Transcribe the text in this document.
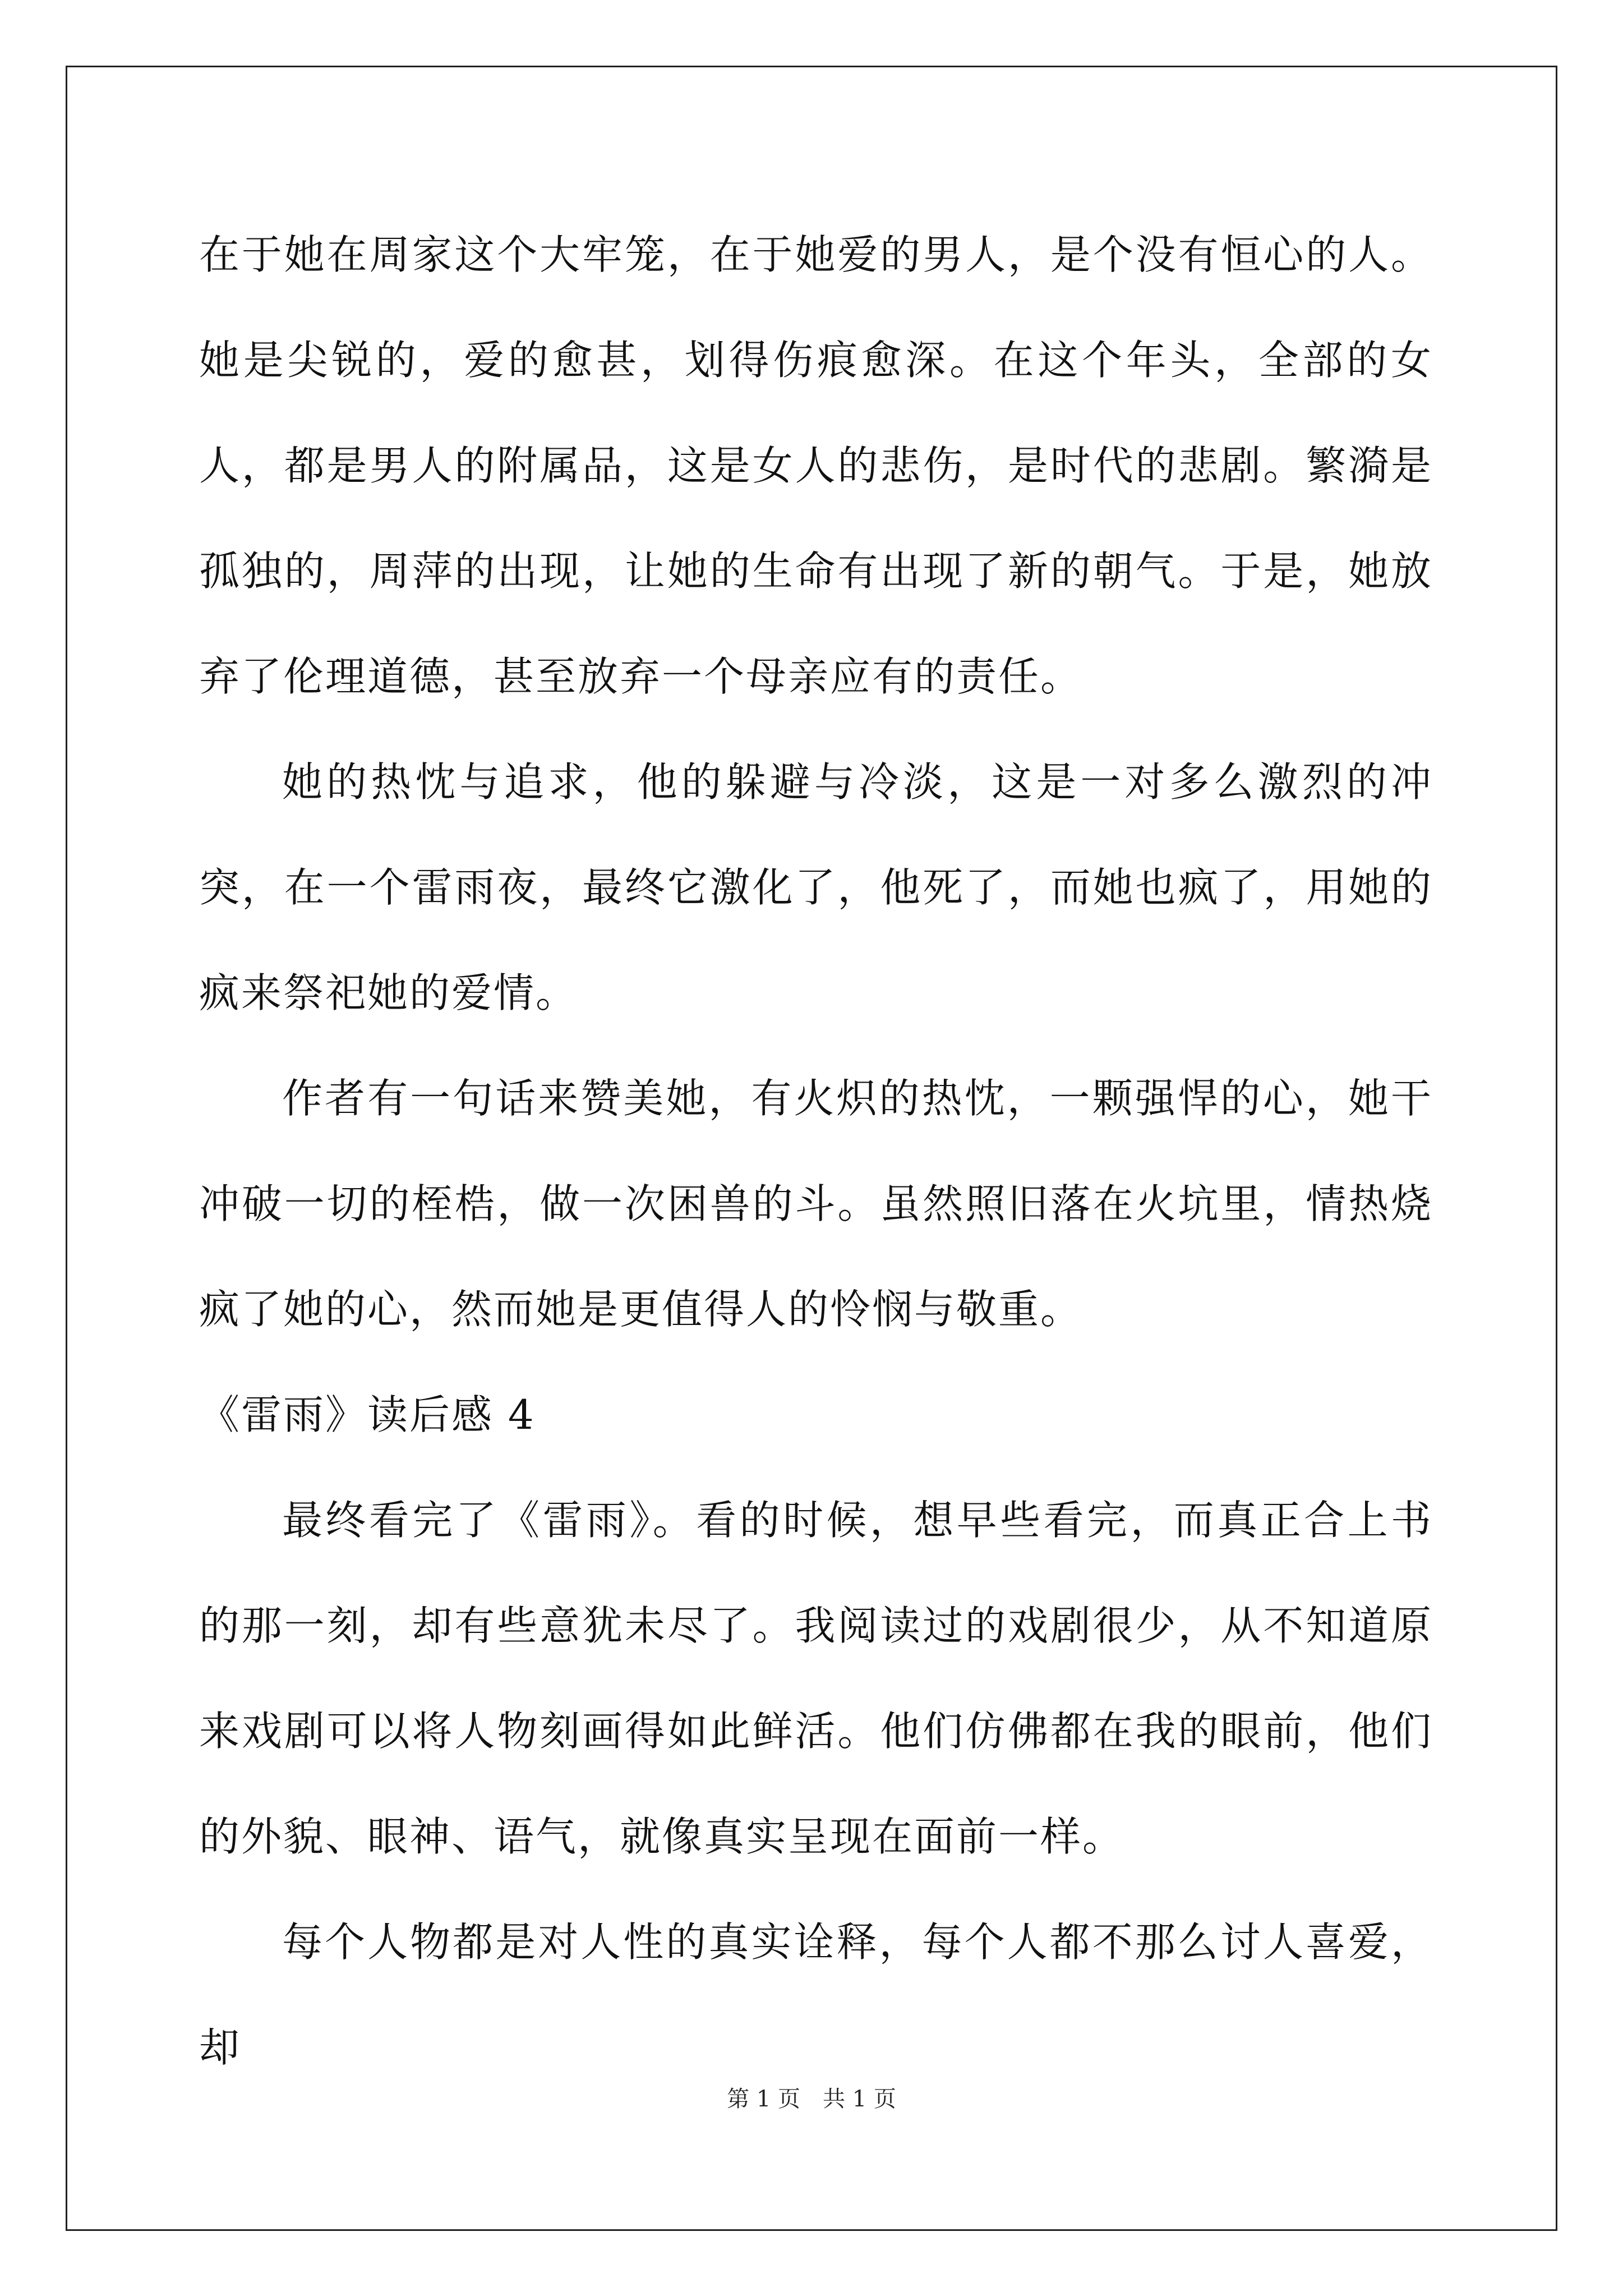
在于她在周家这个大牢笼，在于她爱的男人，是个没有恒心的人。她是尖锐的，爱的愈甚，划得伤痕愈深。在这个年头，全部的女人，都是男人的附属品，这是女人的悲伤，是时代的悲剧。繁漪是孤独的，周萍的出现，让她的生命有出现了新的朝气。于是，她放弃了伦理道德，甚至放弃一个母亲应有的责任。

她的热忱与追求，他的躲避与冷淡，这是一对多么激烈的冲突，在一个雷雨夜，最终它激化了，他死了，而她也疯了，用她的疯来祭祀她的爱情。

作者有一句话来赞美她，有火炽的热忱，一颗强悍的心，她干冲破一切的桎梏，做一次困兽的斗。虽然照旧落在火坑里，情热烧疯了她的心，然而她是更值得人的怜悯与敬重。

《雷雨》读后感 4

最终看完了《雷雨》。看的时候，想早些看完，而真正合上书的那一刻，却有些意犹未尽了。我阅读过的戏剧很少，从不知道原来戏剧可以将人物刻画得如此鲜活。他们仿佛都在我的眼前，他们的外貌、眼神、语气，就像真实呈现在面前一样。

每个人物都是对人性的真实诠释，每个人都不那么讨人喜爱，却

第 1 页　共 1 页
